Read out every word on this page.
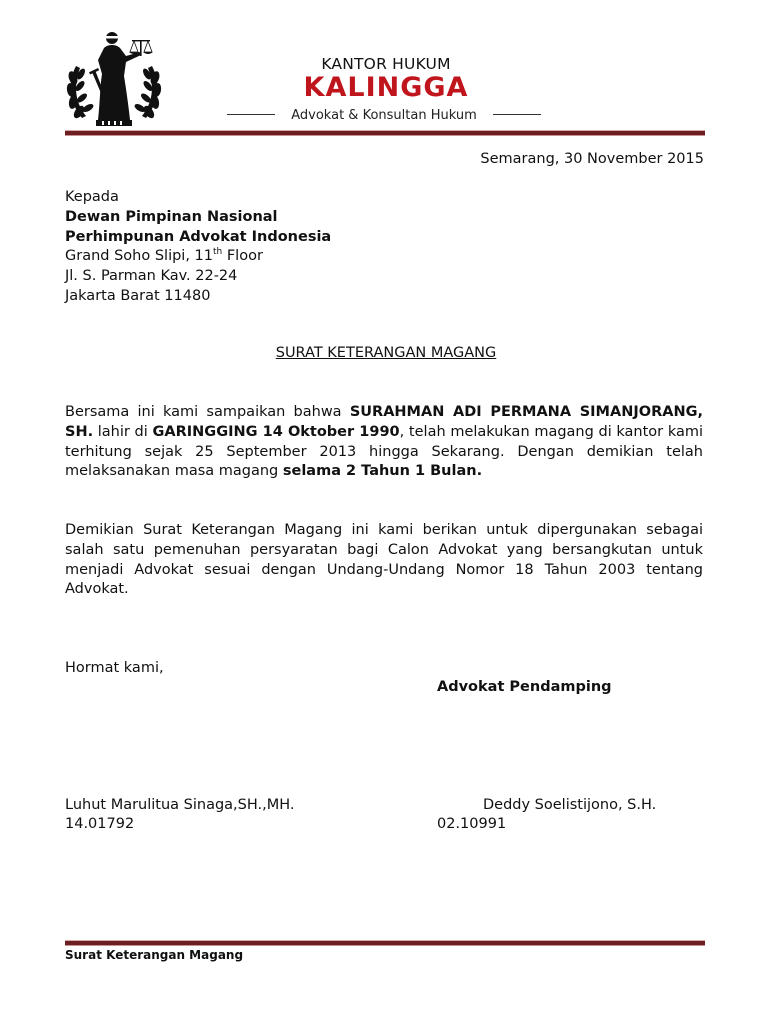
KANTOR HUKUM
KALINGGA
Advokat & Konsultan Hukum
Semarang, 30 November 2015
Kepada
Dewan Pimpinan Nasional
Perhimpunan Advokat Indonesia
Grand Soho Slipi, 11th Floor
Jl. S. Parman Kav. 22-24
Jakarta Barat 11480
SURAT KETERANGAN MAGANG
Bersama ini kami sampaikan bahwa SURAHMAN ADI PERMANA SIMANJORANG, SH. lahir di GARINGGING 14 Oktober 1990, telah melakukan magang di kantor kami terhitung sejak 25 September 2013 hingga Sekarang. Dengan demikian telah melaksanakan masa magang selama 2 Tahun 1 Bulan.
Demikian Surat Keterangan Magang ini kami berikan untuk dipergunakan sebagai salah satu pemenuhan persyaratan bagi Calon Advokat yang bersangkutan untuk menjadi Advokat sesuai dengan Undang-Undang Nomor 18 Tahun 2003 tentang Advokat.
Hormat kami,
Advokat Pendamping
Luhut Marulitua Sinaga,SH.,MH.
14.01792
Deddy Soelistijono, S.H.
02.10991
Surat Keterangan Magang
